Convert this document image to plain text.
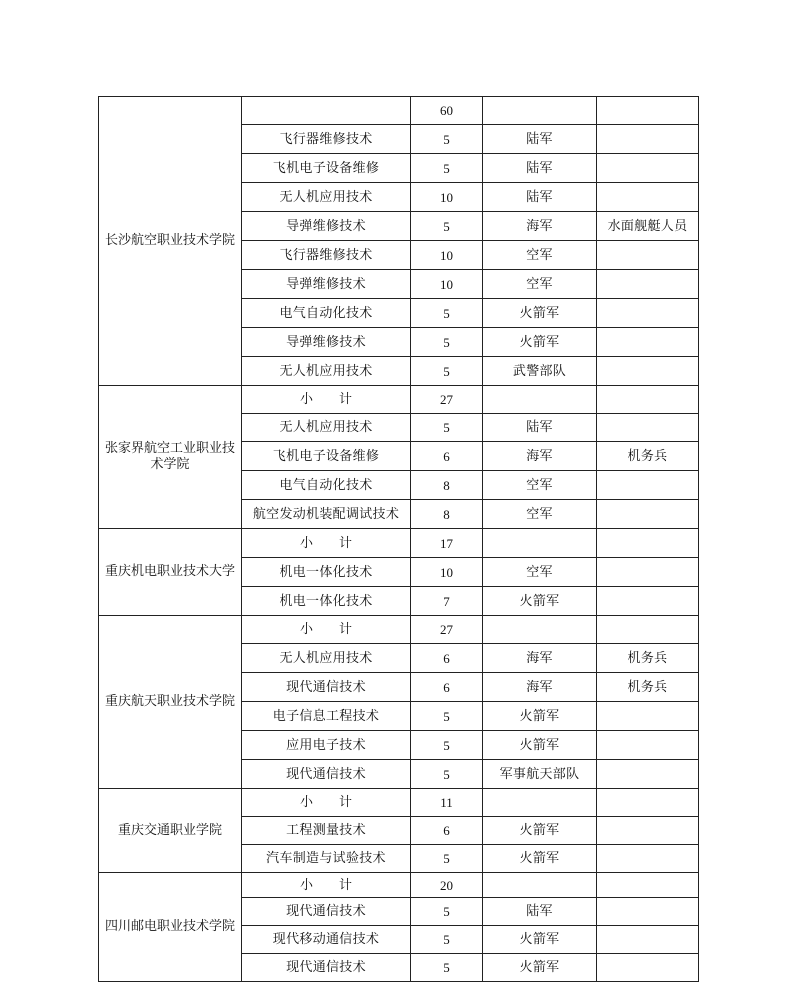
长沙航空职业技术学院		60		
	飞行器维修技术	5	陆军	
	飞机电子设备维修	5	陆军	
	无人机应用技术	10	陆军	
	导弹维修技术	5	海军	水面舰艇人员
	飞行器维修技术	10	空军	
	导弹维修技术	10	空军	
	电气自动化技术	5	火箭军	
	导弹维修技术	5	火箭军	
	无人机应用技术	5	武警部队	
张家界航空工业职业技术学院	小　　计	27		
	无人机应用技术	5	陆军	
	飞机电子设备维修	6	海军	机务兵
	电气自动化技术	8	空军	
	航空发动机装配调试技术	8	空军	
重庆机电职业技术大学	小　　计	17		
	机电一体化技术	10	空军	
	机电一体化技术	7	火箭军	
重庆航天职业技术学院	小　　计	27		
	无人机应用技术	6	海军	机务兵
	现代通信技术	6	海军	机务兵
	电子信息工程技术	5	火箭军	
	应用电子技术	5	火箭军	
	现代通信技术	5	军事航天部队	
重庆交通职业学院	小　　计	11		
	工程测量技术	6	火箭军	
	汽车制造与试验技术	5	火箭军	
四川邮电职业技术学院	小　　计	20		
	现代通信技术	5	陆军	
	现代移动通信技术	5	火箭军	
	现代通信技术	5	火箭军	
